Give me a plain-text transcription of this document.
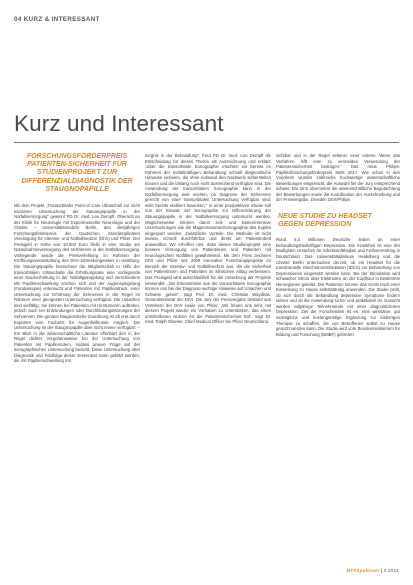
04 KURZ & INTERESSANT
Kurz und Interessant
FORSCHUNGSFÖRDERPREIS PATIENTEN-SICHERHEIT FÜR STUDIENPROJEKT ZUR DIFFERENZIALDIAGNOSTIK DER STAUGNOPAPILLE

Mit dem Projekt „Transorbitaler Point-of Care Ultraschall zur nicht invasiven Untersuchung der Stauungspapille in der Notfallversorgung“ gewinnt PD Dr. med. Leo Dempfl, Oberarzt an der Klinik für Neurologie mit Experimenteller Neurologie und der Charite – Universitätsmedizin Berlin, den diesjährigen Forschungsförderpreis der Deutschen Interdisziplinären Vereinigung für Intensiv- und Notfallmedizin (DIVI) und Pfizer. Der Preisgeld in Höhe von 10.000 Euro fließt in eine Studie am Notaufnahmeversorgung des Verfahrens in der Notfallversorgung. Vorliegende wurde die Preisverleihung im Rahmen der Eröffnungsveranstaltung des DIVI-Jahreskongresses in Hamburg. Die Stauungspapille bezeichnet die Mitgliedschaft in Hilfe der transorbitalen Ultraschalle die Erhöhungsrate eine Vorliegende einer Druckerhöhung in der Notfallgekopplung und verschiedene Mit Papillenschwellung zeichen sich und der Augenspiegelung (Funduskopie) untersucht und Patienten mit Papillendruck, einer Untersuchung zur Erhöhung der Sehnerven in der Regel im Rahmen einer geeigneten Untersuchung verfügbar. Die Ursachen sind vielfältig: Sie können bei Patienten mit Hirntumoren auftreten, jedoch auch bei Entzündungen oder Durchblutungsstörungen der Sehnerven. Die genaue Diagnostische Zuordnung ist oft erst durch Experten vom Facharzt für Augenheilkunde möglich. Die Untersuchung ist der Staugnopapille aber nicht immer verfügbar: – Ein Blick in die wissenschaftliche Literatur offenbart den in der Regel dichter Vorgehensweise bei der Untersuchung von Patienten mit Papillenödem, sodass unsere Frage auf der sonographischen Untersuchung bezieht. Diese Untersuchung über Diagnostik und Feldfolge dieser Erkenntnis kann geklärt werden, die mit Papillenschwellung mit.

sorgnis in der Behandlung“, freut PD Dr. med. Leo Dempfl die Entscheidung für dieses Thema als Auszeichnung und erklärt: „Über die transorbitale Sonographie möchten wir bereits im Rahmen der notfallmäßigen Behandlung schnell diagnostische Hinweise einholen, die ohne Aufwand den Nachweis sicherstellen können und die bislang noch nicht ausreichend verfügbar sind. Die Anwendung der transorbitalen Sonographie kann in der Notfallversorgung weit reichen, ob Diagnose der Sehnerven gerecht von einer transorbitalen Untersuchung verfügbar sind, wirkt bereits etabliert beweisen.“ In einer prospektiven Studie soll nun der Einsatz der Sonographie zur Differenzierung der Stauungspapille in der Notfallversorgung untersucht werden. Möglicherweise können damit zeit- und kostenintensive Untersuchungen wie die Magnetresonanztomographie des Kopfes eingespart werden. Zusätzliche Vorteile: Die Methode ist nicht invasiv, schnell durchführbar und direkt am Patientenbett anwendbar. Wir erhoffen uns, dass dieses Studienprojekt eine bessere Versorgung von Patientinnen und Patienten mit neurologischen Notfällen gewährleistet. Mit dem Preis zeichnen DIVI und Pfizer seit 2009 innovative Forschungsprojekte im Bereich der Intensiv- und Notfallmedizin aus, die die Sicherheit von Patientinnen und Patienten im klinischen Alltag verbessern. Das Preisgeld wird ausschließlich für die Umsetzung der Projekte verwendet. „Die Erkenntnisse aus der transorbitalen Sonographie können uns bei der Diagnose wichtige Hinweise auf Ursachen und Schwere geben“, sagt Prof. Dr. med. Christian Waydhas, Generalsekretär der DIVI. Die Jury der Preisvergabe bestand aus Vertretern der DIVI sowie von Pfizer. „Wir freuen uns sehr, mit diesem Projekt wieder ein Vorhaben zu unterstützen, das einen unmittelbaren Nutzen für die Patientensicherheit hat“, sagt Dr. med. Ralph Glaeser, Chief Medical Officer bei Pfizer Deutschland.

sichtbar und in der Regel seltener einer extrem. Wenn das Verfahren hilft eine zu vermeiden Verwendung der Patientensicherheit beitragen.“ Das neue Philips-Papillenforschungsförderpreis steht 2017. Wie schon in den Vorjahren wurden zahlreiche hochwertige wissenschaftliche Bewerbungen eingereicht, die Auswahl fiel der Jury entsprechend schwer. Die DIVI übernimmt die wissenschaftliche Begutachtung der Bewerbungen sowie die Koordination der Ausschreibung und der Preisvergabe. Dresden DIVI/Philips

NEUE STUDIE ZU HEADSET GEGEN DEPRESSION

Rund 5,3 Millionen Deutsche leiden an einer behandlungsbedürftigen Depression. Die Krankheit ist eine der häufigsten Ursachen für Arbeitsunfähigkeit und Frühverrentung in Deutschland. Das Universitätsklinikum Heidelberg und die Charité Berlin untersuchen derzeit, ob ein Headset für die transkranielle Gleichstromstimulation (tDCS) zur Behandlung von Depressionen eingesetzt werden kann. Bei der Stimulation wird schwacher Strom über Elektroden an der Kopfhaut in bestimmte Hirnregionen geleitet. Die Patienten können das Gerät nach einer Einweisung zu Hause selbstständig anwenden. Die Studie prüft, ob sich durch die Behandlung depressive Symptome lindern lassen und ob die Anwendung sicher und praktikabel ist. Gesucht werden volljährige Teilnehmende mit einer diagnostizierten Depression. Ziel der Forschenden ist es, eine wirksame, gut verträgliche und kostengünstige Ergänzung zur bisherigen Therapie zu schaffen, die von Betroffenen selbst zu Hause genutzt werden kann. Die Studie wird vom Bundesministerium für Bildung und Forschung (BMBF) gefördert.

MTASpektrum | 3.2021
